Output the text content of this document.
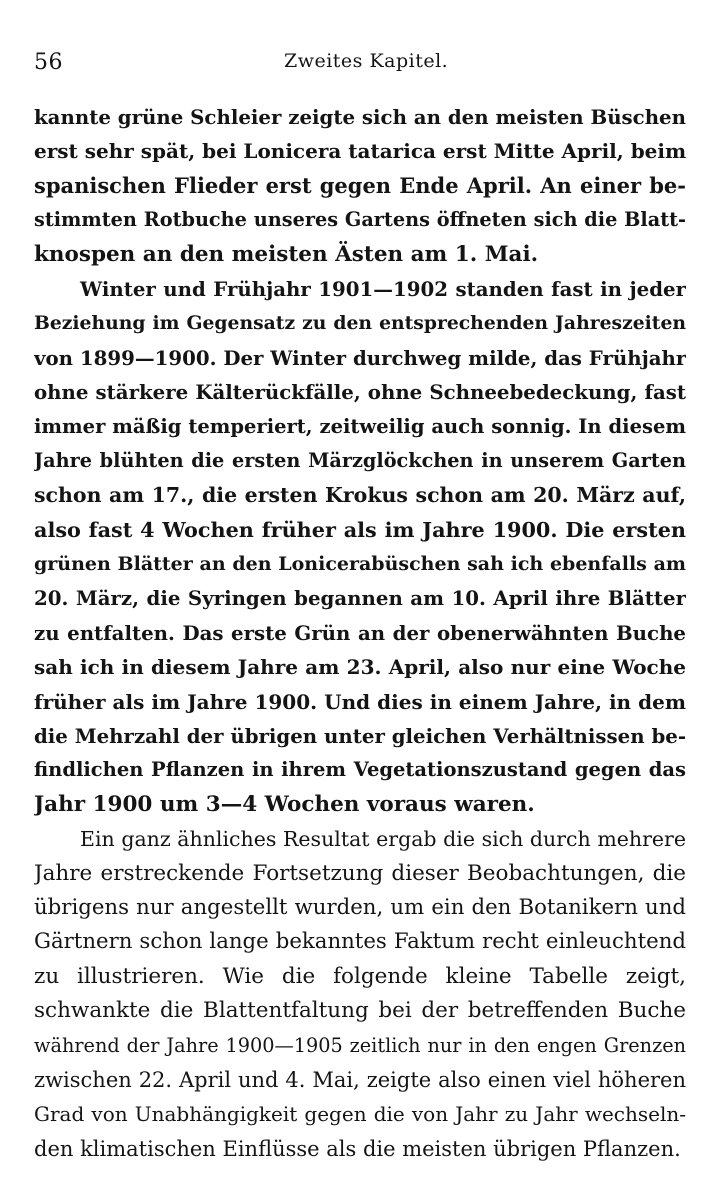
56	Zweites Kapitel.
kannte grüne Schleier zeigte sich an den meisten Büschen
erst sehr spät, bei Lonicera tatarica erst Mitte April, beim
spanischen Flieder erst gegen Ende April. An einer be-
stimmten Rotbuche unseres Gartens öffneten sich die Blatt-
knospen an den meisten Ästen am 1. Mai.
Winter und Frühjahr 1901—1902 standen fast in jeder
Beziehung im Gegensatz zu den entsprechenden Jahreszeiten
von 1899—1900. Der Winter durchweg milde, das Frühjahr
ohne stärkere Kälterückfälle, ohne Schneebedeckung, fast
immer mäßig temperiert, zeitweilig auch sonnig. In diesem
Jahre blühten die ersten Märzglöckchen in unserem Garten
schon am 17., die ersten Krokus schon am 20. März auf,
also fast 4 Wochen früher als im Jahre 1900. Die ersten
grünen Blätter an den Lonicerabüschen sah ich ebenfalls am
20. März, die Syringen begannen am 10. April ihre Blätter
zu entfalten. Das erste Grün an der obenerwähnten Buche
sah ich in diesem Jahre am 23. April, also nur eine Woche
früher als im Jahre 1900. Und dies in einem Jahre, in dem
die Mehrzahl der übrigen unter gleichen Verhältnissen be-
findlichen Pflanzen in ihrem Vegetationszustand gegen das
Jahr 1900 um 3—4 Wochen voraus waren.
Ein ganz ähnliches Resultat ergab die sich durch mehrere
Jahre erstreckende Fortsetzung dieser Beobachtungen, die
übrigens nur angestellt wurden, um ein den Botanikern und
Gärtnern schon lange bekanntes Faktum recht einleuchtend
zu illustrieren. Wie die folgende kleine Tabelle zeigt,
schwankte die Blattentfaltung bei der betreffenden Buche
während der Jahre 1900—1905 zeitlich nur in den engen Grenzen
zwischen 22. April und 4. Mai, zeigte also einen viel höheren
Grad von Unabhängigkeit gegen die von Jahr zu Jahr wechseln-
den klimatischen Einflüsse als die meisten übrigen Pflanzen.
